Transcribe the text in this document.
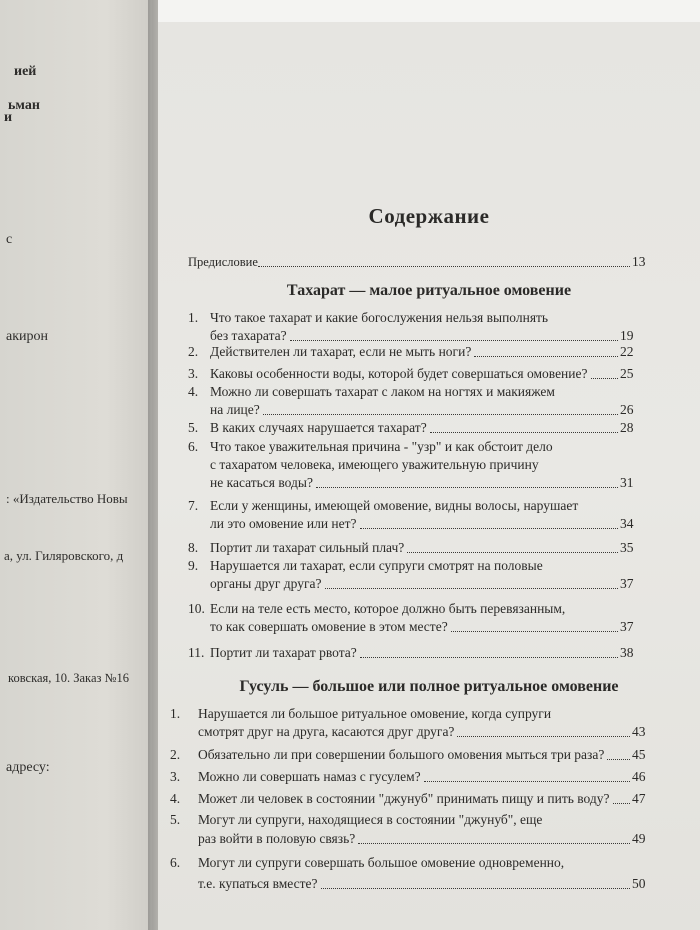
ией
ьман
и
с
акирон
: «Издательство Новы
а, ул. Гиляровского, д
ковская, 10. Заказ №16
адресу:
Содержание
Предисловие	13
Тахарат — малое ритуальное омовение
1. Что такое тахарат и какие богослужения нельзя выполнять
без тахарата?	19
2. Действителен ли тахарат, если не мыть ноги?	22
3. Каковы особенности воды, которой будет совершаться омовение? 25
4. Можно ли совершать тахарат с лаком на ногтях и макияжем
на лице?	26
5. В каких случаях нарушается тахарат?	28
6. Что такое уважительная причина - "узр" и как обстоит дело
с тахаратом человека, имеющего уважительную причину
не касаться воды?	31
7. Если у женщины, имеющей омовение, видны волосы, нарушает
ли это омовение или нет?	34
8. Портит ли тахарат сильный плач?	35
9. Нарушается ли тахарат, если супруги смотрят на половые
органы друг друга?	37
10. Если на теле есть место, которое должно быть перевязанным,
то как совершать омовение в этом месте?	37
11. Портит ли тахарат рвота?	38
Гусуль — большое или полное ритуальное омовение
1. Нарушается ли большое ритуальное омовение, когда супруги
смотрят друг на друга, касаются друг друга?	43
2. Обязательно ли при совершении большого омовения мыться три раза? 45
3. Можно ли совершать намаз с гусулем?	46
4. Может ли человек в состоянии "джунуб" принимать пищу и пить воду? 47
5. Могут ли супруги, находящиеся в состоянии "джунуб", еще
раз войти в половую связь?	49
6. Могут ли супруги совершать большое омовение одновременно,
т.е. купаться вместе?	50
